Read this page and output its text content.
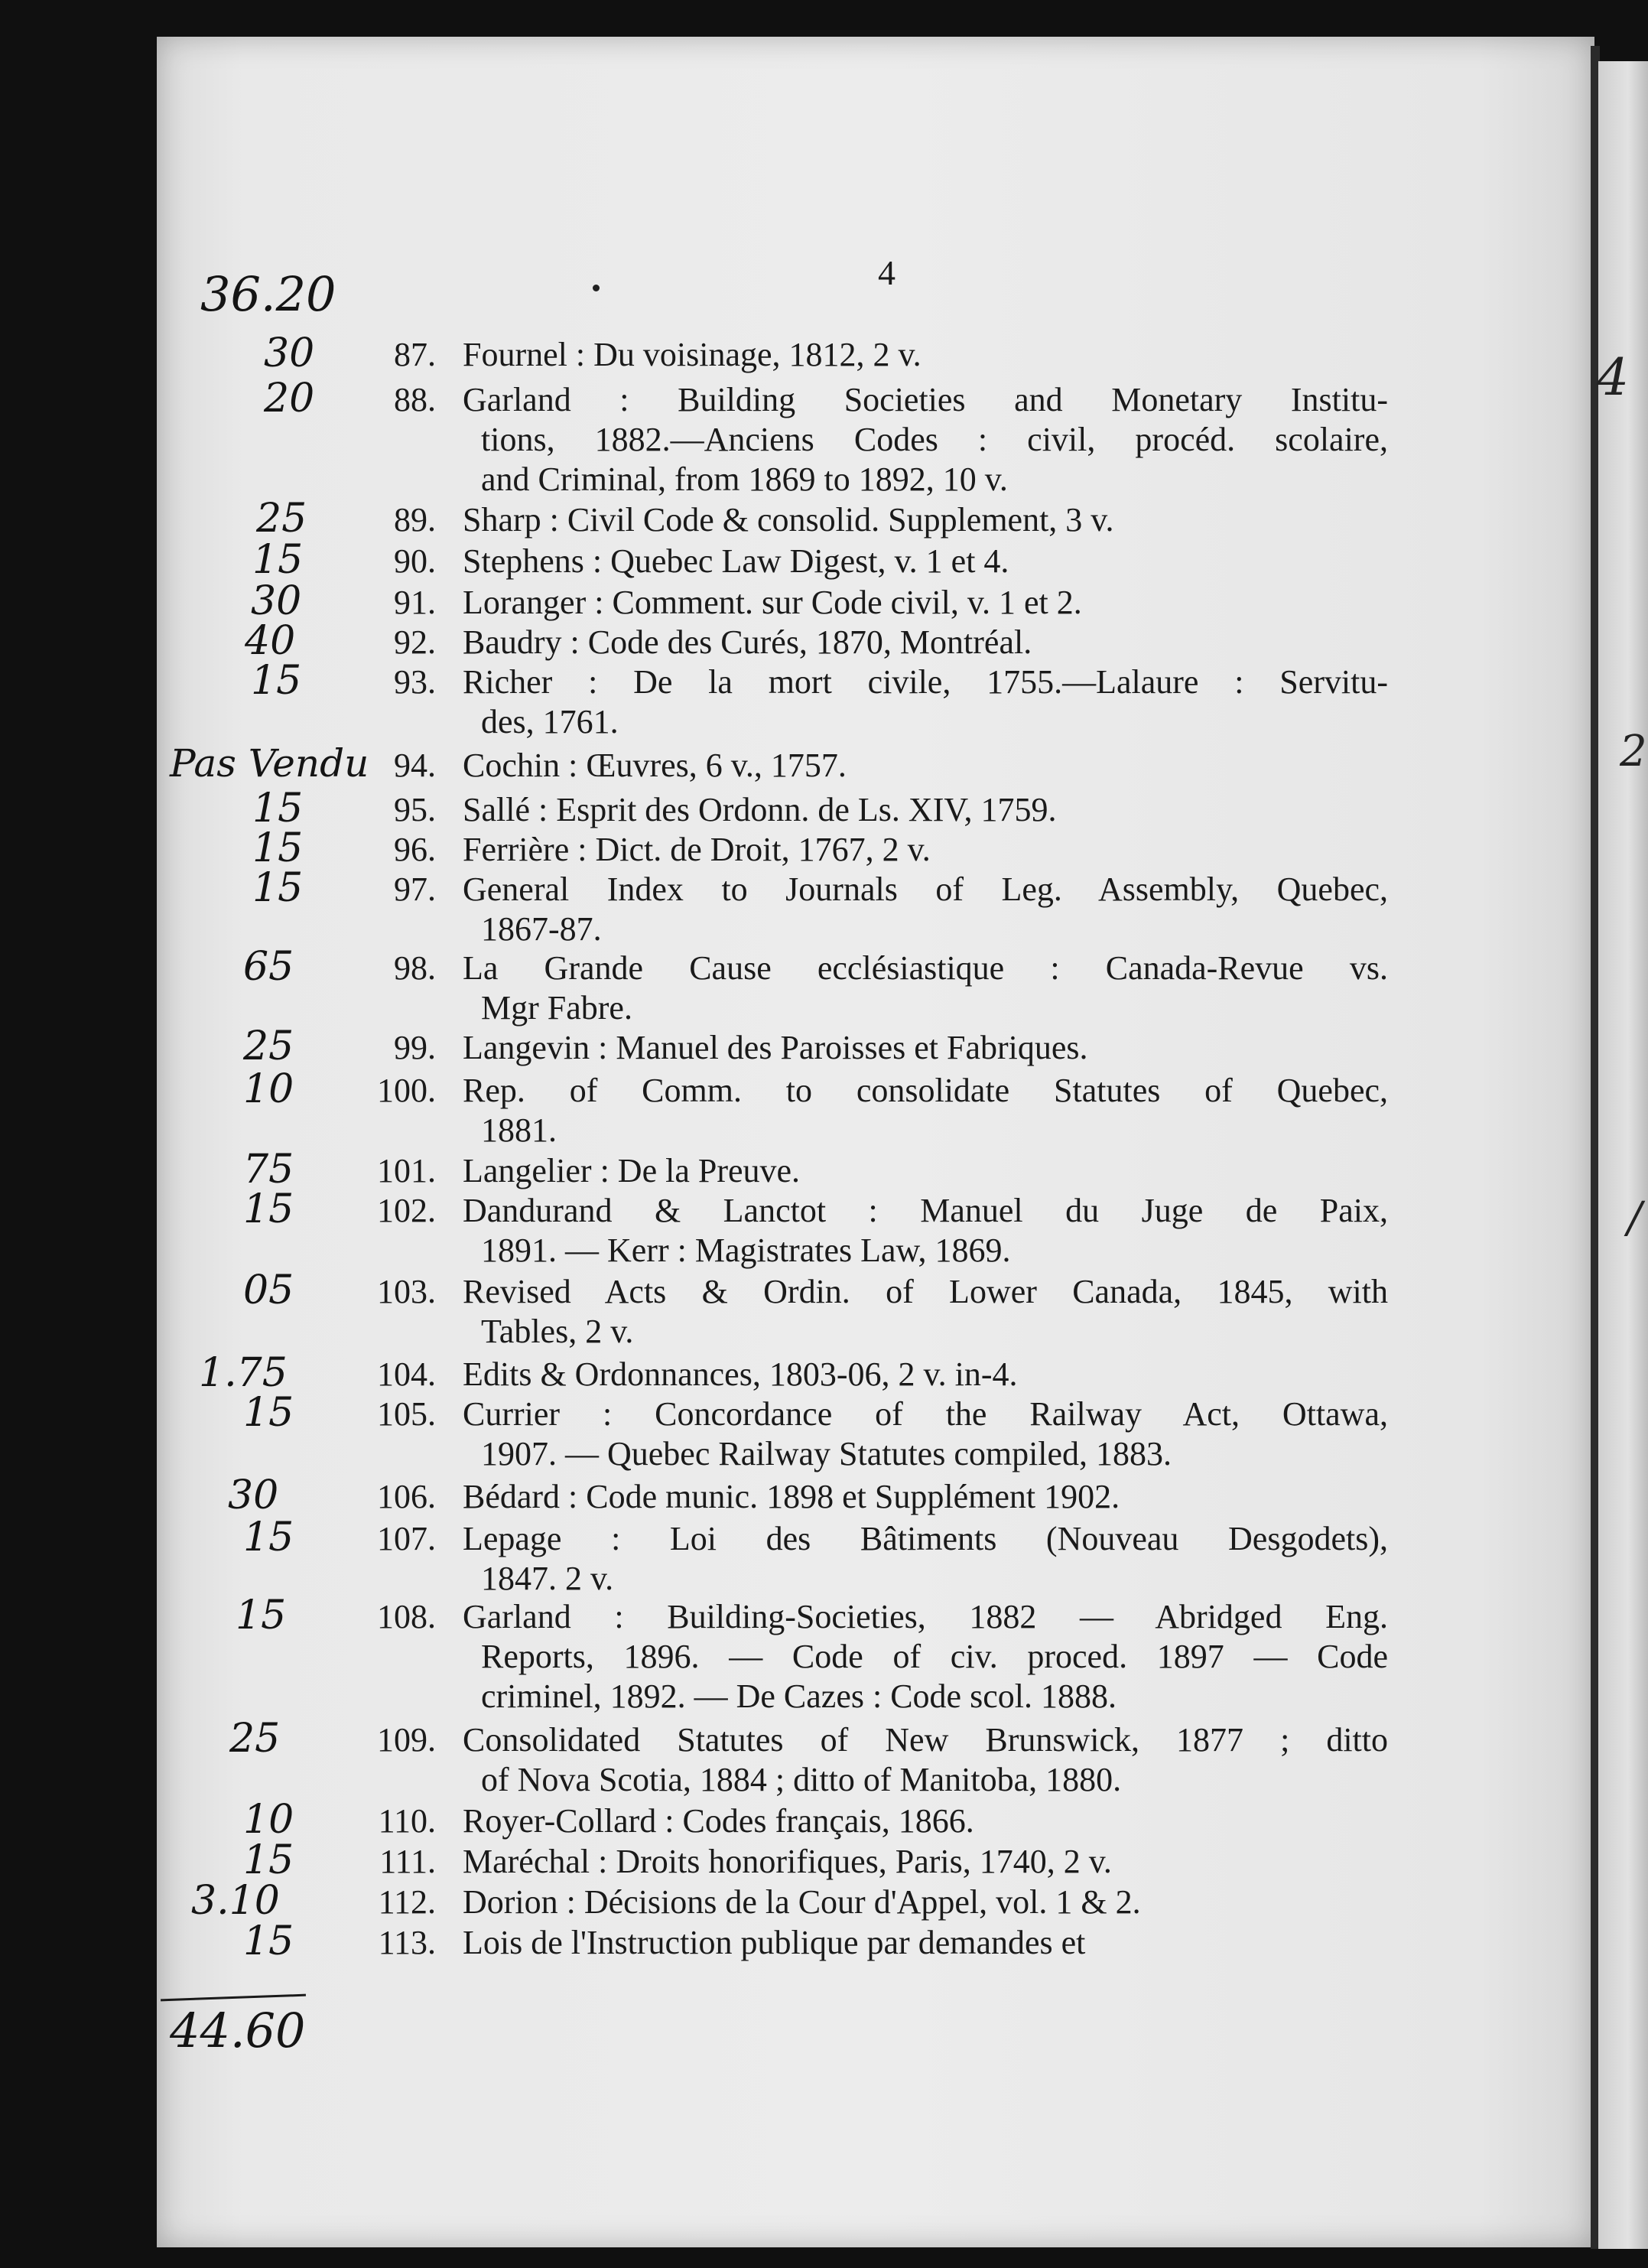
4
36.20
30	87. Fournel : Du voisinage, 1812, 2 v.
20	88. Garland : Building Societies and Monetary Institu-
tions, 1882.—Anciens Codes : civil, procéd. scolaire,
and Criminal, from 1869 to 1892, 10 v.
25	89. Sharp : Civil Code & consolid. Supplement, 3 v.
15	90. Stephens : Quebec Law Digest, v. 1 et 4.
30	91. Loranger : Comment. sur Code civil, v. 1 et 2.
40	92. Baudry : Code des Curés, 1870, Montréal.
15	93. Richer : De la mort civile, 1755.—Lalaure : Servitu-
des, 1761.
Pas Vendu 94. Cochin : Œuvres, 6 v., 1757.
15	95. Sallé : Esprit des Ordonn. de Ls. XIV, 1759.
15	96. Ferrière : Dict. de Droit, 1767, 2 v.
15	97. General Index to Journals of Leg. Assembly, Quebec,
1867-87.
65	98. La Grande Cause ecclésiastique : Canada-Revue vs.
Mgr Fabre.
25	99. Langevin : Manuel des Paroisses et Fabriques.
10	100. Rep. of Comm. to consolidate Statutes of Quebec,
1881.
75	101. Langelier : De la Preuve.
15	102. Dandurand & Lanctot : Manuel du Juge de Paix,
1891. — Kerr : Magistrates Law, 1869.
05	103. Revised Acts & Ordin. of Lower Canada, 1845, with
Tables, 2 v.
1.75	104. Edits & Ordonnances, 1803-06, 2 v. in-4.
15	105. Currier : Concordance of the Railway Act, Ottawa,
1907. — Quebec Railway Statutes compiled, 1883.
30	106. Bédard : Code munic. 1898 et Supplément 1902.
15	107. Lepage : Loi des Bâtiments (Nouveau Desgodets),
1847. 2 v.
15	108. Garland : Building-Societies, 1882 — Abridged Eng.
Reports, 1896. — Code of civ. proced. 1897 — Code
criminel, 1892. — De Cazes : Code scol. 1888.
25	109. Consolidated Statutes of New Brunswick, 1877 ; ditto
of Nova Scotia, 1884 ; ditto of Manitoba, 1880.
10	110. Royer-Collard : Codes français, 1866.
15	111. Maréchal : Droits honorifiques, Paris, 1740, 2 v.
3.10	112. Dorion : Décisions de la Cour d'Appel, vol. 1 & 2.
15	113. Lois de l'Instruction publique par demandes et
44.60
4
2
/
